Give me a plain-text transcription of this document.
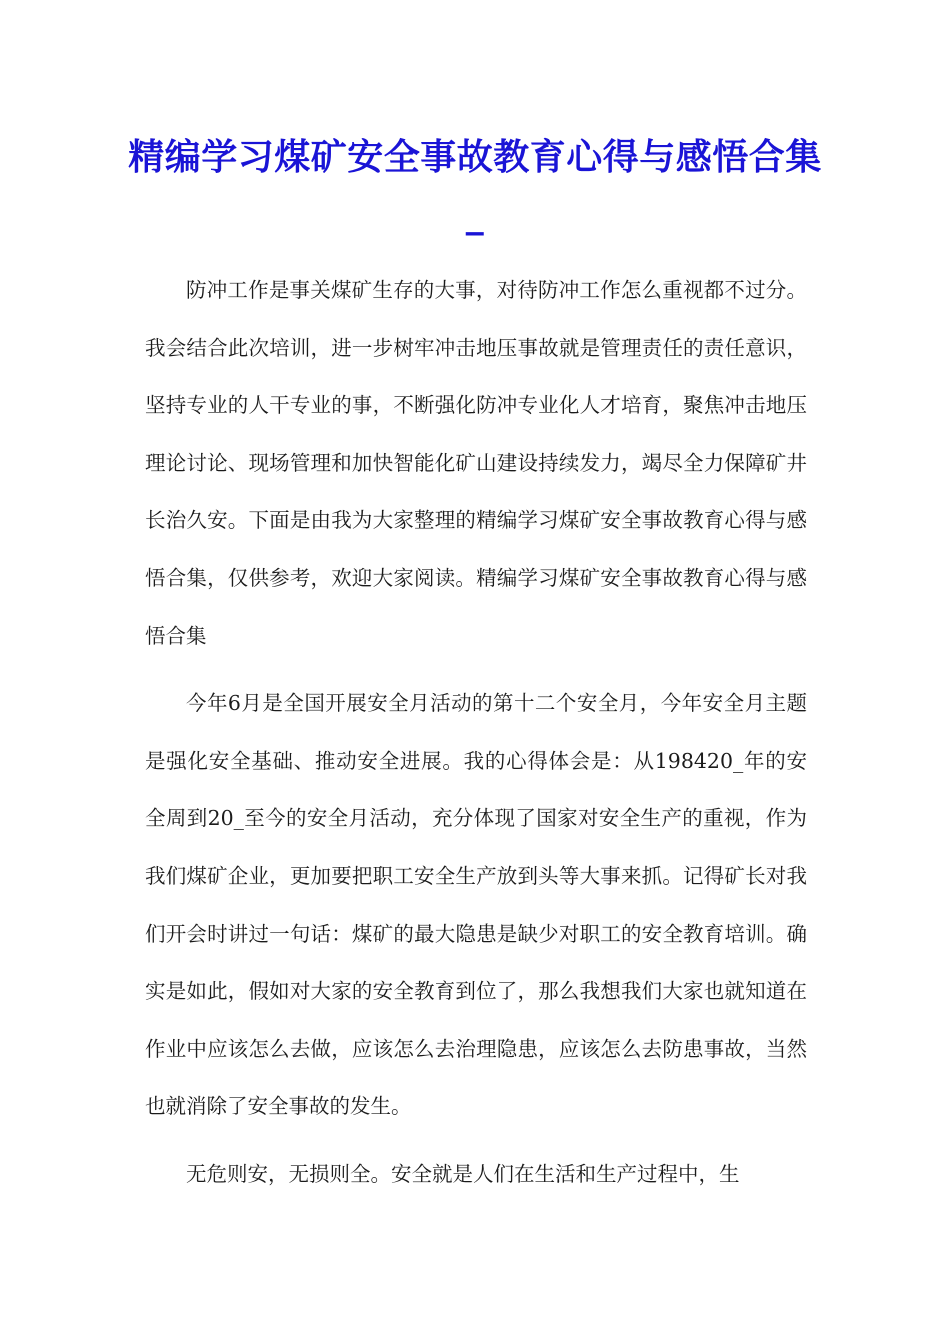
精编学习煤矿安全事故教育心得与感悟合集_

防冲工作是事关煤矿生存的大事，对待防冲工作怎么重视都不过分。我会结合此次培训，进一步树牢冲击地压事故就是管理责任的责任意识，坚持专业的人干专业的事，不断强化防冲专业化人才培育，聚焦冲击地压理论讨论、现场管理和加快智能化矿山建设持续发力，竭尽全力保障矿井长治久安。下面是由我为大家整理的精编学习煤矿安全事故教育心得与感悟合集，仅供参考，欢迎大家阅读。精编学习煤矿安全事故教育心得与感悟合集

今年6月是全国开展安全月活动的第十二个安全月，今年安全月主题是强化安全基础、推动安全进展。我的心得体会是：从198420_年的安全周到20_至今的安全月活动，充分体现了国家对安全生产的重视，作为我们煤矿企业，更加要把职工安全生产放到头等大事来抓。记得矿长对我们开会时讲过一句话：煤矿的最大隐患是缺少对职工的安全教育培训。确实是如此，假如对大家的安全教育到位了，那么我想我们大家也就知道在作业中应该怎么去做，应该怎么去治理隐患，应该怎么去防患事故，当然也就消除了安全事故的发生。

无危则安，无损则全。安全就是人们在生活和生产过程中，生
